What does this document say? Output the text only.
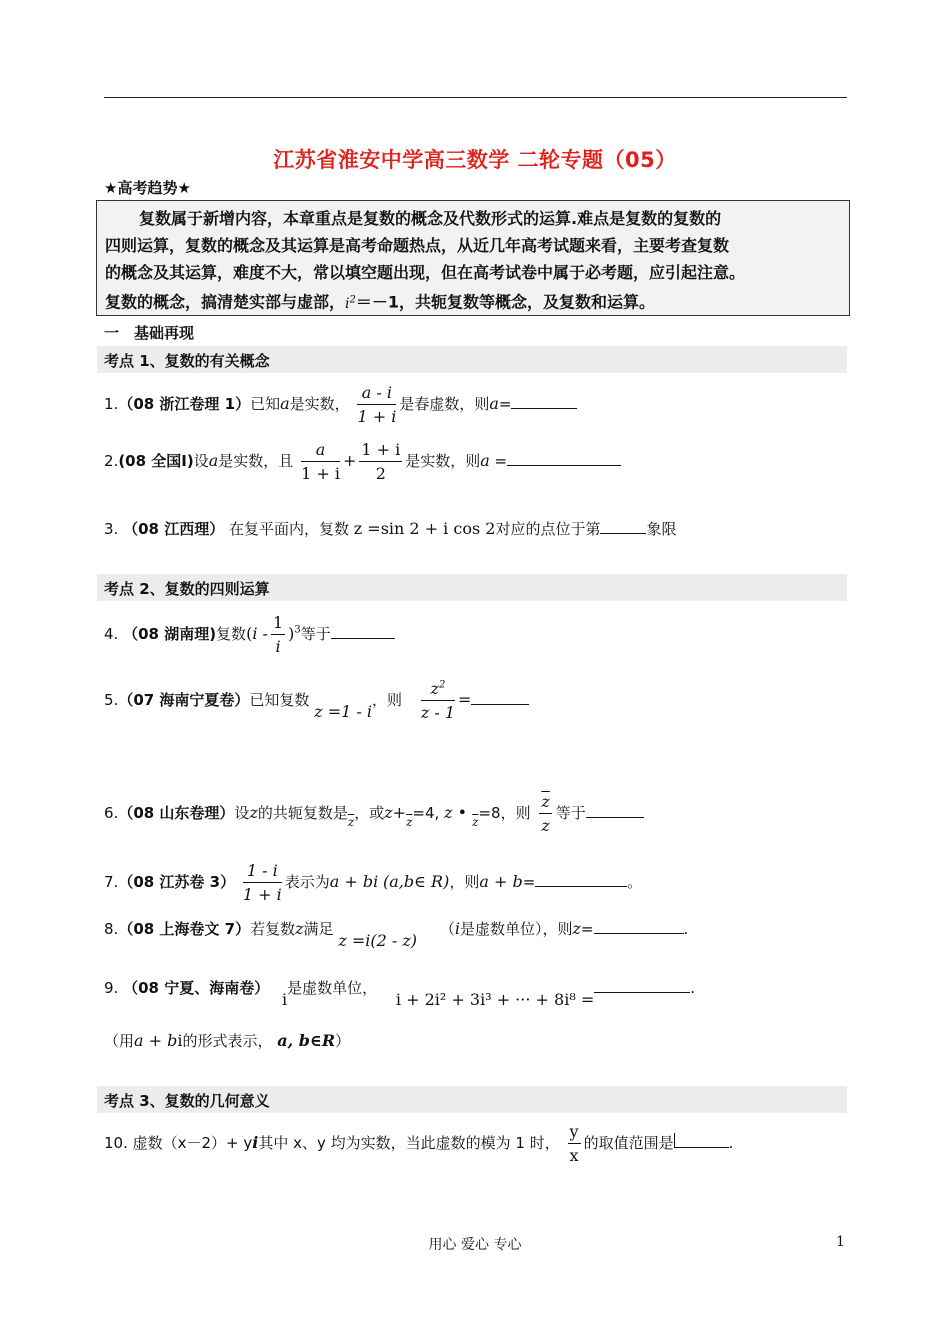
江苏省淮安中学高三数学 二轮专题（05）
★高考趋势★

复数属于新增内容，本章重点是复数的概念及代数形式的运算.难点是复数的复数的

四则运算，复数的概念及其运算是高考命题热点，从近几年高考试题来看，主要考查复数

的概念及其运算，难度不大，常以填空题出现，但在高考试卷中属于必考题，应引起注意。

复数的概念，搞清楚实部与虚部，$i^2=-1$，共轭复数等概念，及复数和运算。

一　基础再现
考点 1、复数的有关概念
1.（08 浙江卷理 1）已知a是实数， $\frac{a - i}{1 + i}$ 是春虚数，则a=
2.(08 全国Ⅰ)设a是实数，且 $\frac{a}{1 + i} + \frac{1 + i}{2}$ 是实数，则a =
3. （08 江西理） 在复平面内，复数 z =sin 2 + i cos 2对应的点位于第	象限
考点 2、复数的四则运算
4. （08 湖南理)复数$(i - \frac{1}{i} )^3$等于
5.（07 海南宁夏卷）已知复数 z =1 - i，则 $\frac{z^2}{z - 1}$ =
6.（08 山东卷理）设z的共轭复数是$_{\overline{z}}$，或$z+_{\overline{z}}=4$, z • $_{\overline{z}}$=8，则 $\frac{\overline{z}}{z}$ 等于
7.（08 江苏卷 $3) \frac{1 - i}{1 + i}$ 表示为a + bi (a,b∈ R)，则a + b=	。
8.（08 上海卷文 7）若复数z满足 z =i(2 - z) （i是虚数单位），则z=	.
9. （08 宁夏、海南卷） i是虚数单位， i + 2i² + 3i³ + ··· + 8i⁸ =.
（用a + bi的形式表示， a, b∈R）
考点 3、复数的几何意义
10. 虚数（x－2）+ yi其中 x、y 均为实数，当此虚数的模为 1 时， $\frac{y}{x}$ 的取值范围是	.
用心 爱心 专心	1
